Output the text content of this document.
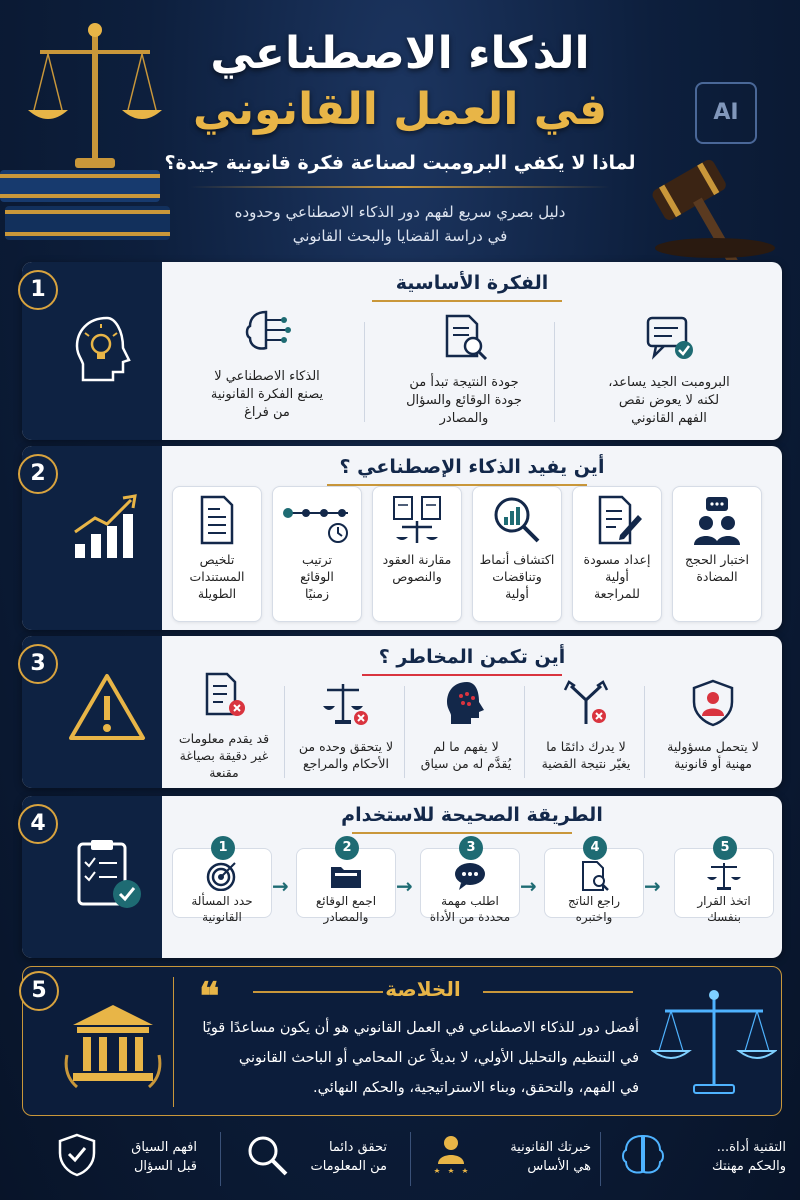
AI
الذكاء الاصطناعي
في العمل القانوني
لماذا لا يكفي البرومبت لصناعة فكرة قانونية جيدة؟
دليل بصري سريع لفهم دور الذكاء الاصطناعي وحدوده
في دراسة القضايا والبحث القانوني
1	الفكرة الأساسية
البرومبت الجيد يساعد،
لكنه لا يعوض نقص
الفهم القانوني
جودة النتيجة تبدأ من
جودة الوقائع والسؤال
والمصادر
الذكاء الاصطناعي لا
يصنع الفكرة القانونية
من فراغ
2	أين يفيد الذكاء الإصطناعي ؟
اختبار الحجج
المضادة
إعداد مسودة
أولية
للمراجعة
اكتشاف أنماط
وتناقضات
أولية
مقارنة العقود
والنصوص
ترتيب
الوقائع
زمنيًا
تلخيص
المستندات
الطويلة
3	أين تكمن المخاطر ؟
لا يتحمل مسؤولية
مهنية أو قانونية
لا يدرك دائمًا ما
يغيّر نتيجة القضية
لا يفهم ما لم
يُقدَّم له من سياق
لا يتحقق وحده من
الأحكام والمراجع
قد يقدم معلومات
غير دقيقة بصياغة
مقنعة
4	الطريقة الصحيحة للاستخدام
5
اتخذ القرار
بنفسك
→
4
راجع الناتج
واختبره
→
3
اطلب مهمة
محددة من الأداة
→
2
اجمع الوقائع
والمصادر
→
1
حدد المسألة
القانونية
5	❝	الخلاصة
أفضل دور للذكاء الاصطناعي في العمل القانوني هو أن يكون مساعدًا قويًا
في التنظيم والتحليل الأولي، لا بديلاً عن المحامي أو الباحث القانوني
في الفهم، والتحقق، وبناء الاستراتيجية، والحكم النهائي.
التقنية أداة...
والحكم مهنتك
خبرتك القانونية
هي الأساس
تحقق دائما
من المعلومات
افهم السياق
قبل السؤال
